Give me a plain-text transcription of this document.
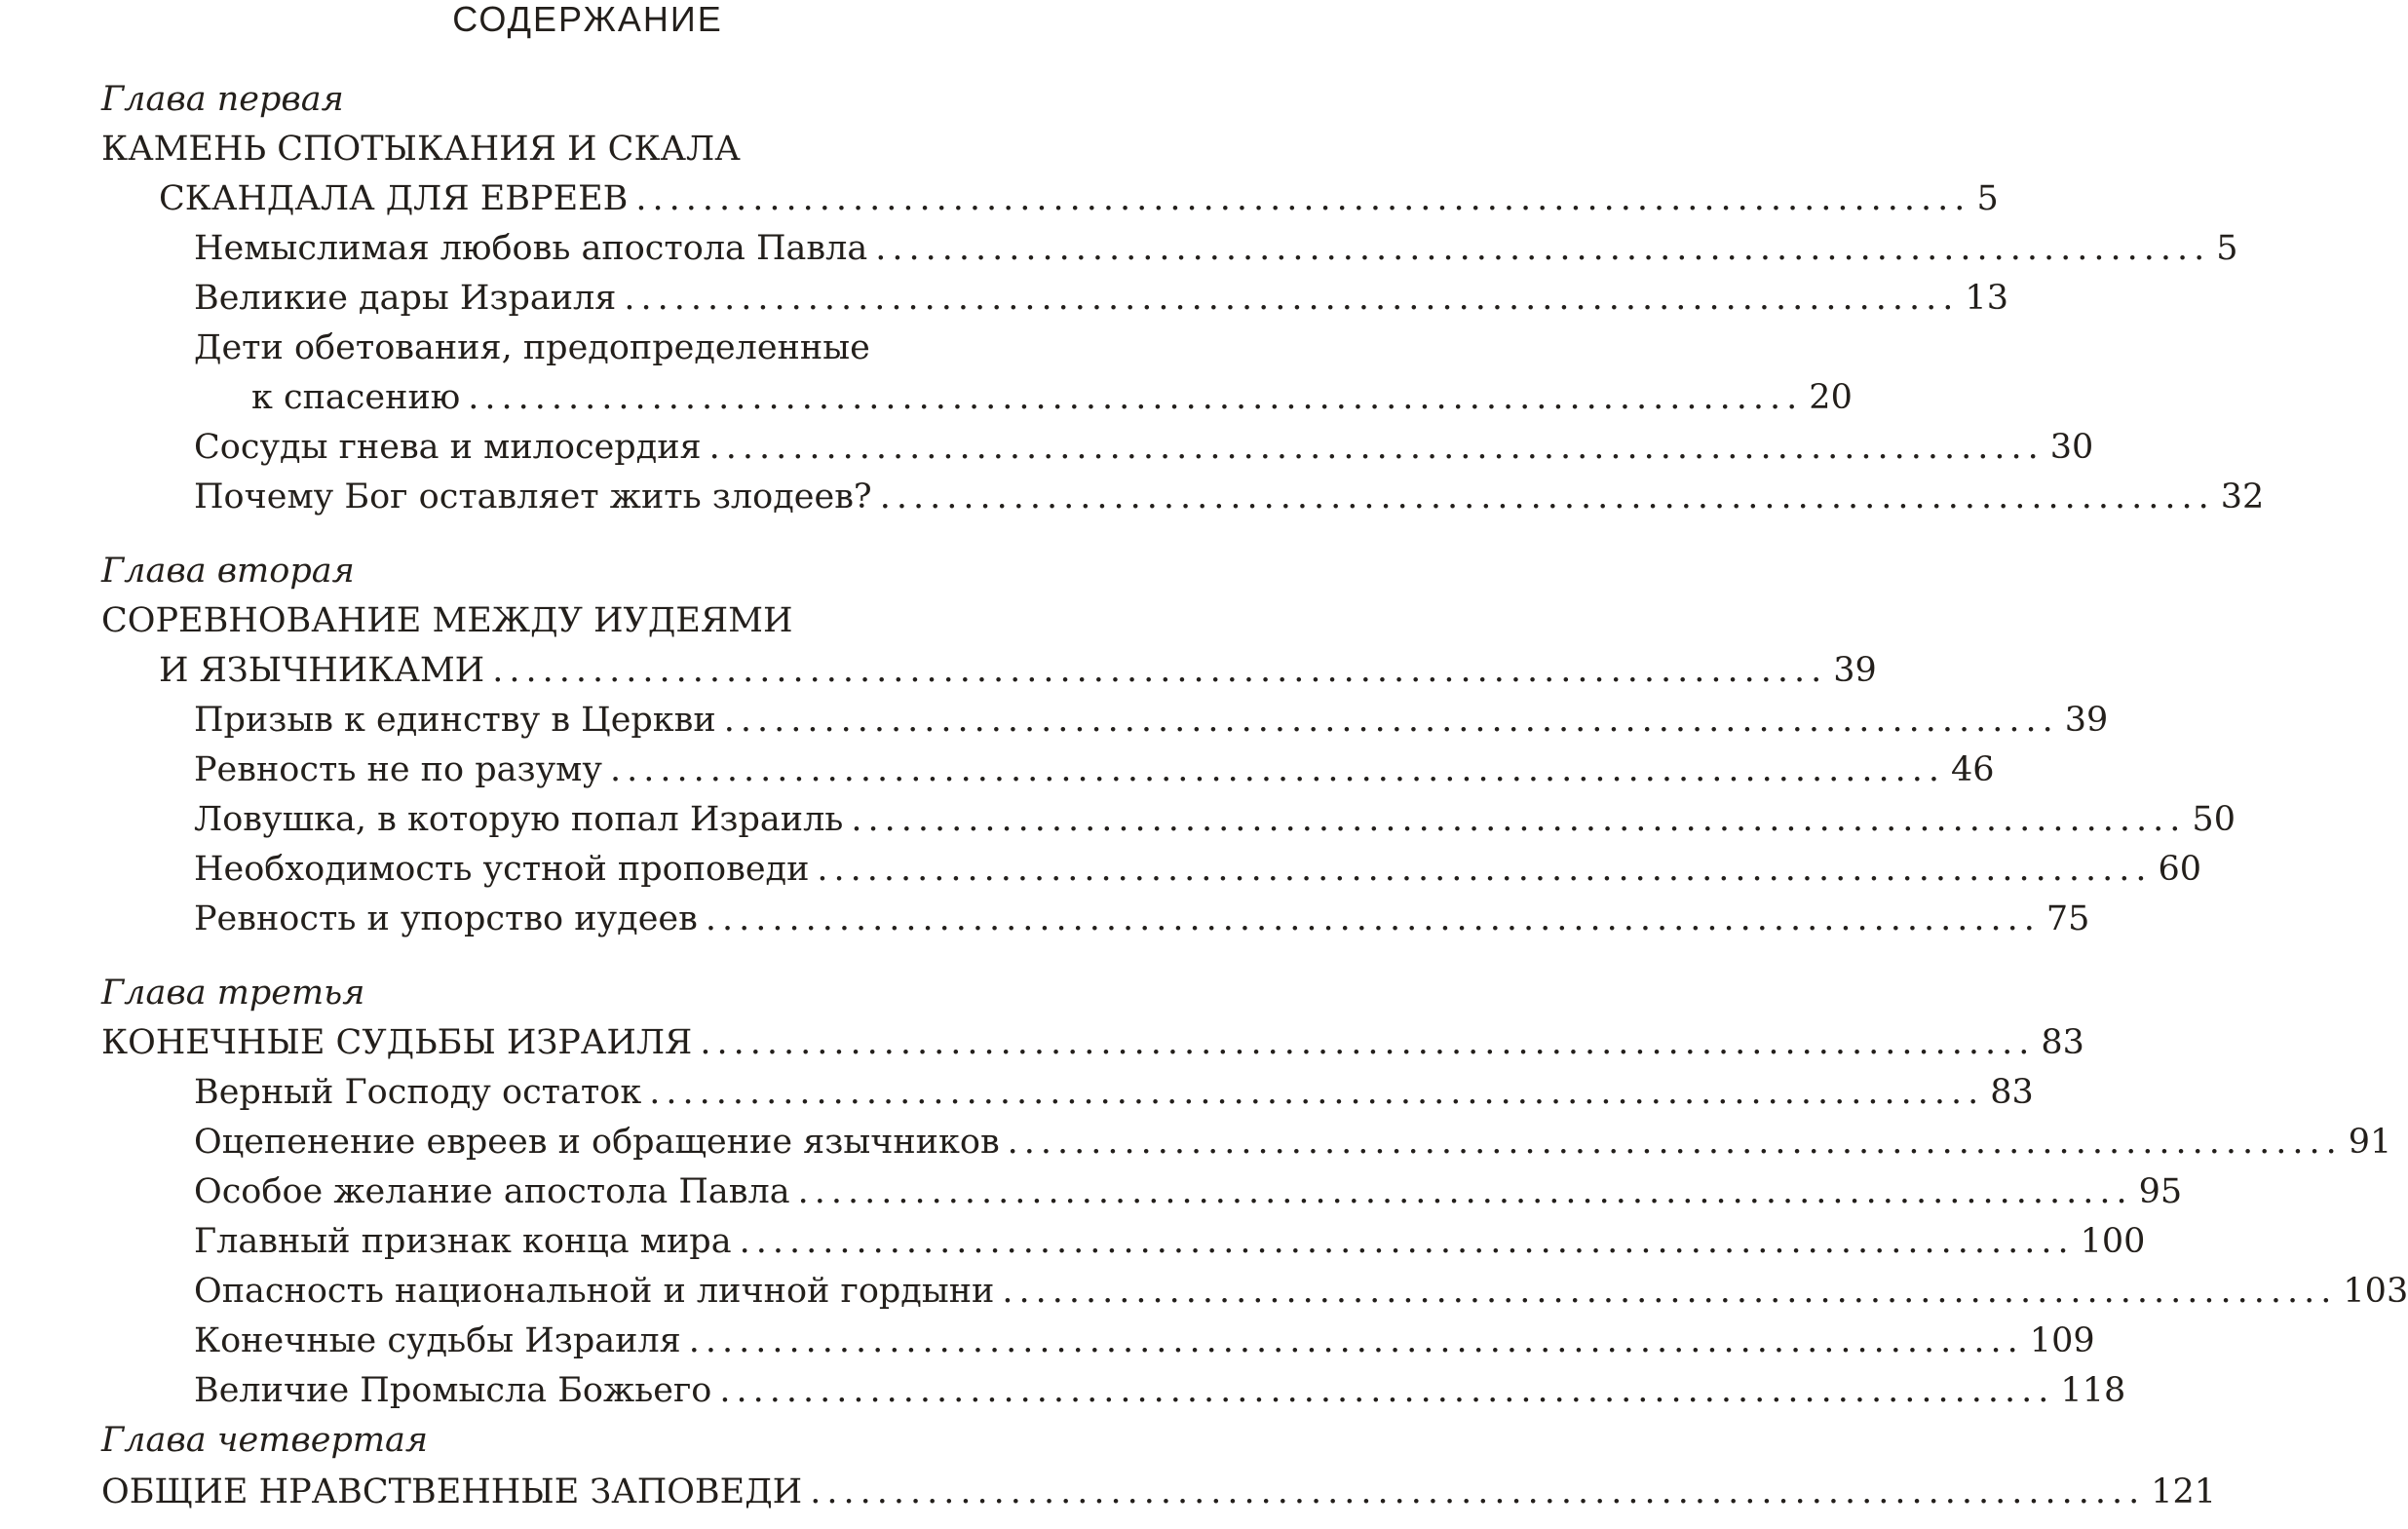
СОДЕРЖАНИЕ
Глава первая
КАМЕНЬ СПОТЫКАНИЯ И СКАЛА
СКАНДАЛА ДЛЯ ЕВРЕЕВ ................................................................................ 5
Немыслимая любовь апостола Павла ................................................................................ 5
Великие дары Израиля ................................................................................ 13
Дети обетования, предопределенные
к спасению ................................................................................ 20
Сосуды гнева и милосердия ................................................................................ 30
Почему Бог оставляет жить злодеев? ................................................................................ 32
Глава вторая
СОРЕВНОВАНИЕ МЕЖДУ ИУДЕЯМИ
И ЯЗЫЧНИКАМИ ................................................................................ 39
Призыв к единству в Церкви ................................................................................ 39
Ревность не по разуму ................................................................................ 46
Ловушка, в которую попал Израиль ................................................................................ 50
Необходимость устной проповеди ................................................................................ 60
Ревность и упорство иудеев ................................................................................ 75
Глава третья
КОНЕЧНЫЕ СУДЬБЫ ИЗРАИЛЯ ................................................................................ 83
Верный Господу остаток ................................................................................ 83
Оцепенение евреев и обращение язычников ................................................................................ 91
Особое желание апостола Павла ................................................................................ 95
Главный признак конца мира ................................................................................ 100
Опасность национальной и личной гордыни ................................................................................ 103
Конечные судьбы Израиля ................................................................................ 109
Величие Промысла Божьего ................................................................................ 118
Глава четвертая
ОБЩИЕ НРАВСТВЕННЫЕ ЗАПОВЕДИ ................................................................................ 121
